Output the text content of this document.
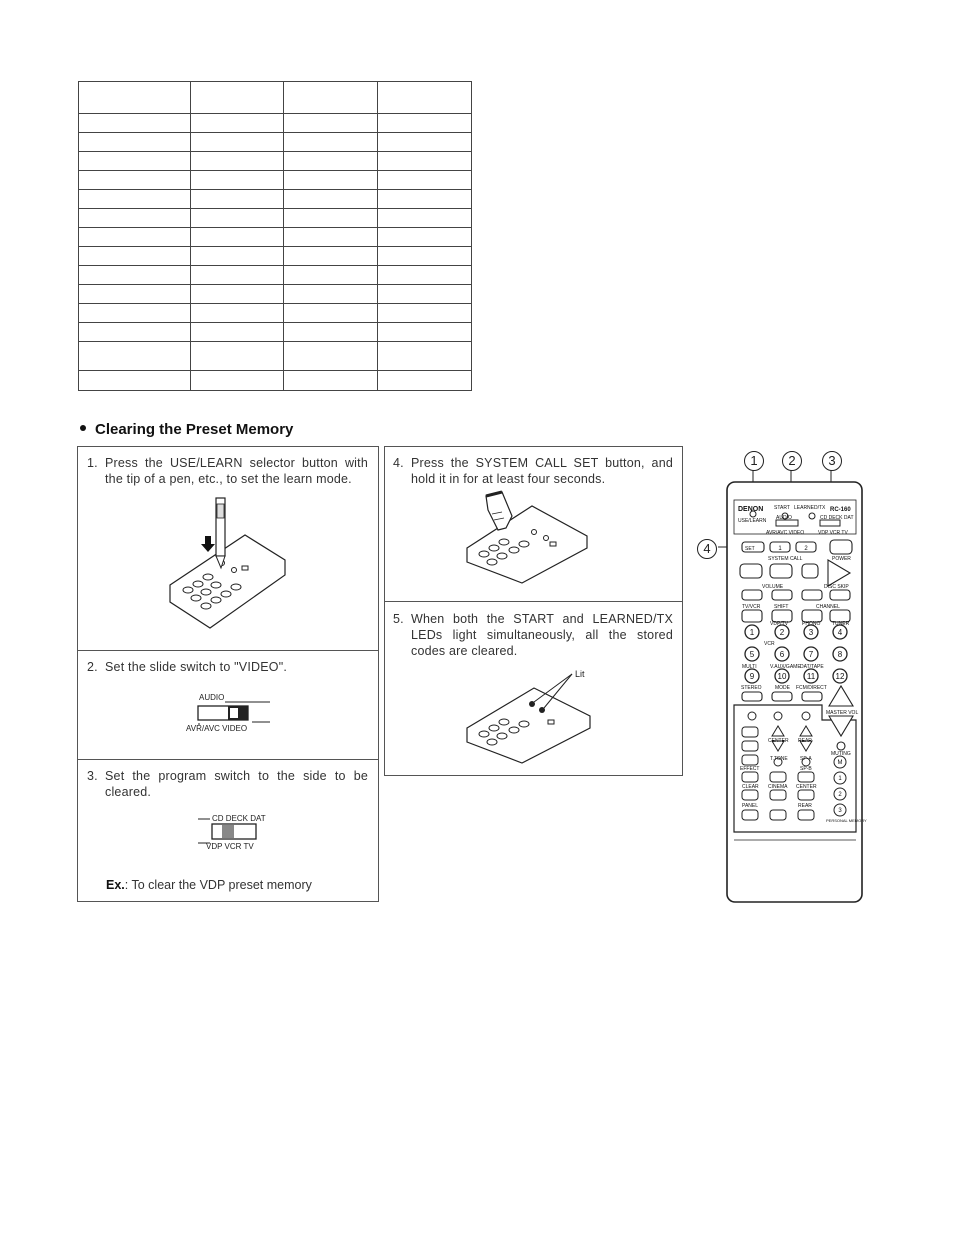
Clearing the Preset Memory
1. Press the USE/LEARN selector button with the tip of a pen, etc., to set the learn mode.
2. Set the slide switch to "VIDEO".
3. Set the program switch to the side to be cleared.
4. Press the SYSTEM CALL SET button, and hold it in for at least four seconds.
5. When both the START and LEARNED/TX LEDs light simultaneously, all the stored codes are cleared.
Ex.: To clear the VDP preset memory
AUDIO
AVR/AVC VIDEO
CD DECK DAT
VDP VCR TV
Lit
1	2	3
4
1	2	3	4
5	6	7	8
9	10	11	12
M
1
2
3
1	2
DENON	RC-160
START LEARNED/TX
USE/LEARN AUDIO	CD DECK DAT
AVR/AVC VIDEO	VDP VCR TV
SET
SYSTEM CALL	POWER
VOLUME	DISC SKIP
TV/VCR	SHIFT	CHANNEL
VDP/TV	PHONO TUNER
VCR
MULTI	V.AUX/GAME DAT/TAPE
STEREO	MODE FCM/DIRECT
MASTER VOL
MUTING
CENTER REAR
T.TONE SP-A
EFFECT	SP-B
CLEAR CINEMA CENTER
PANEL	REAR
PERSONAL MEMORY
